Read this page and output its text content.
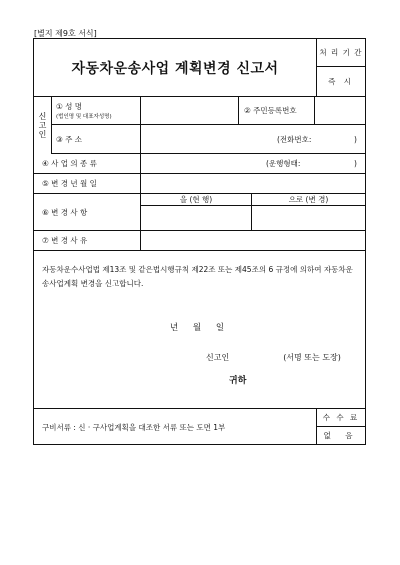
[별지 제9호 서식]
자동차운송사업 계획변경 신고서
처 리 기 간
즉 시
신고인
① 성 명
(법인명 및 대표자성명)
② 주민등록번호
③ 주 소	(전화번호:	)
④ 사 업 의 종 류	(운행형태:	)
⑤ 변 경 년 월 일
⑥ 변 경 사 항
을 (현 행)	으로 (변 경)
⑦ 변 경 사 유
자동차운수사업법 제13조 및 같은법시행규칙 제22조 또는 제45조의 6 규정에 의하여 자동차운송사업계획 변경을 신고합니다.
년 월 일
신고인	(서명 또는 도장)
귀하
구비서류 : 신 · 구사업계획을 대조한 서류 또는 도면 1부
수 수 료
없 음
